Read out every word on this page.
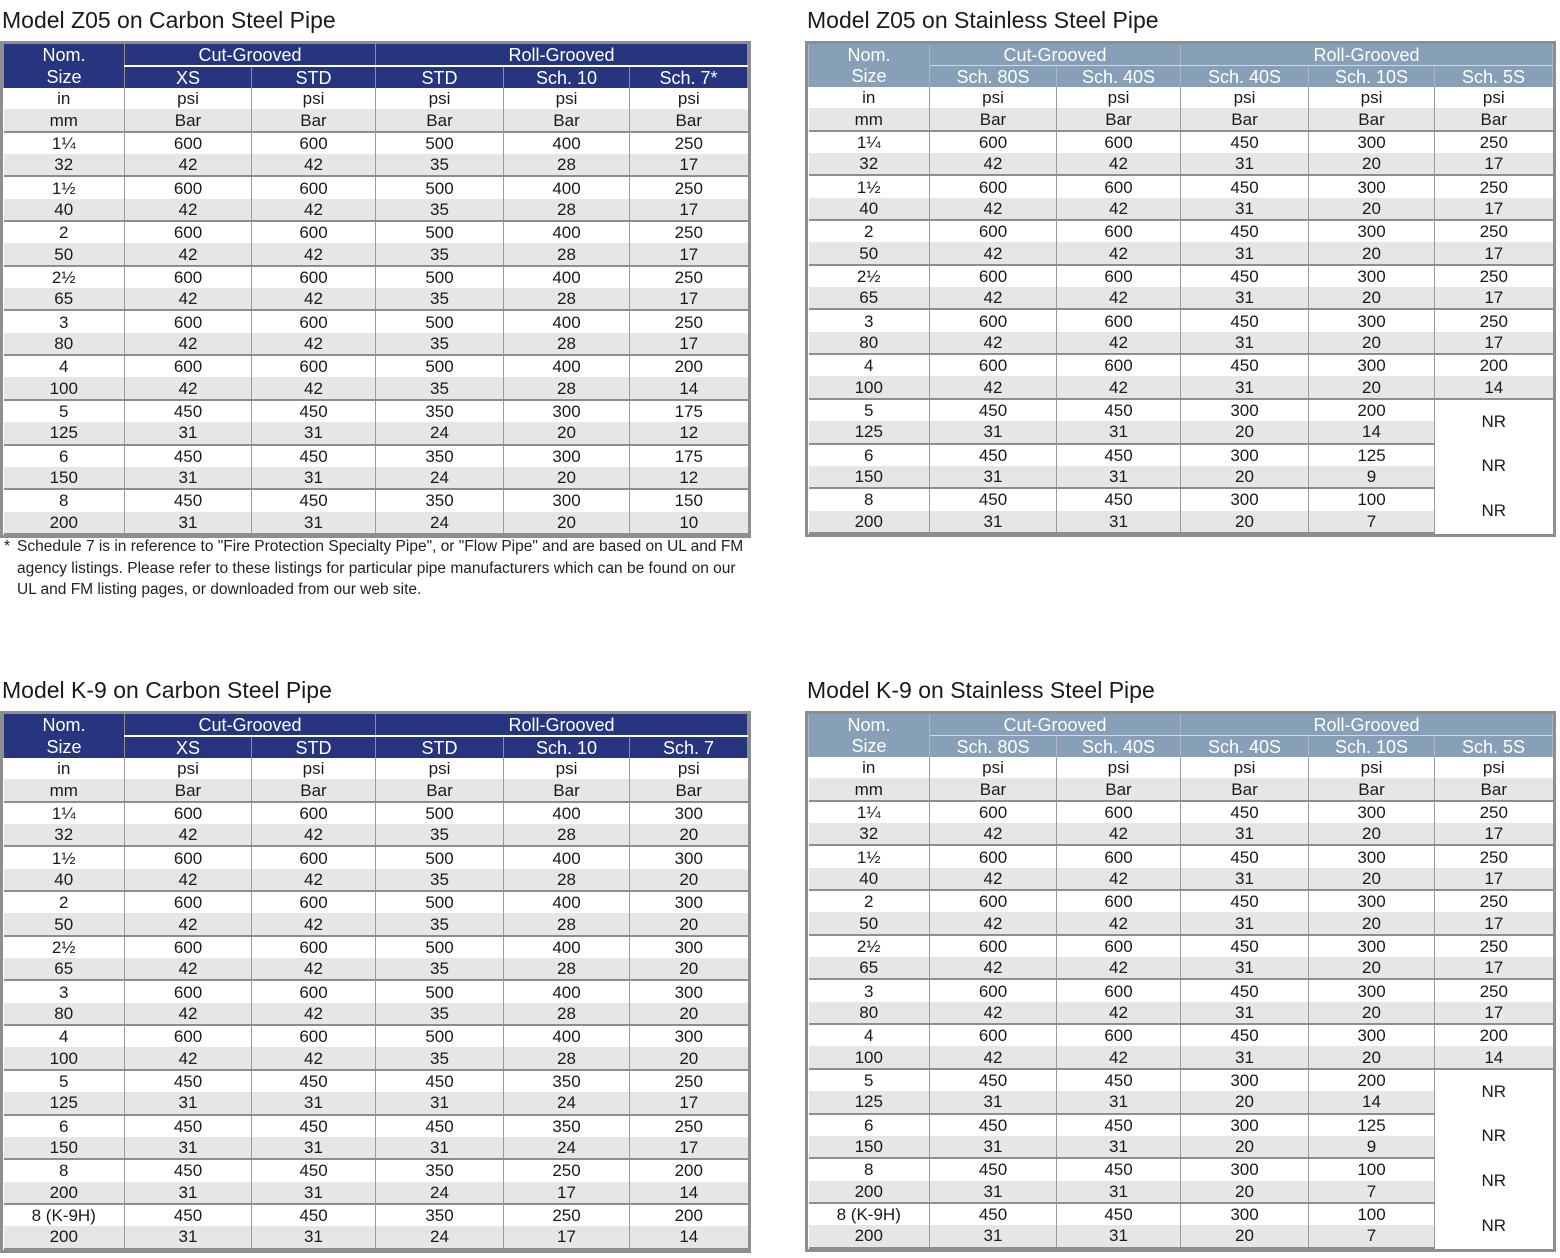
Model Z05 on Carbon Steel Pipe
Nom.	Cut-Grooved		Roll-Grooved		
Size	XS	STD	STD	Sch. 10	Sch. 7*
in	psi	psi	psi	psi	psi
mm	Bar	Bar	Bar	Bar	Bar
1¼	600	600	500	400	250
32	42	42	35	28	17
1½	600	600	500	400	250
40	42	42	35	28	17
2	600	600	500	400	250
50	42	42	35	28	17
2½	600	600	500	400	250
65	42	42	35	28	17
3	600	600	500	400	250
80	42	42	35	28	17
4	600	600	500	400	200
100	42	42	35	28	14
5	450	450	350	300	175
125	31	31	24	20	12
6	450	450	350	300	175
150	31	31	24	20	12
8	450	450	350	300	150
200	31	31	24	20	10
Model Z05 on Stainless Steel Pipe
Nom.	Cut-Grooved		Roll-Grooved		
Size	Sch. 80S	Sch. 40S	Sch. 40S	Sch. 10S	Sch. 5S
in	psi	psi	psi	psi	psi
mm	Bar	Bar	Bar	Bar	Bar
1¼	600	600	450	300	250
32	42	42	31	20	17
1½	600	600	450	300	250
40	42	42	31	20	17
2	600	600	450	300	250
50	42	42	31	20	17
2½	600	600	450	300	250
65	42	42	31	20	17
3	600	600	450	300	250
80	42	42	31	20	17
4	600	600	450	300	200
100	42	42	31	20	14
5	450	450	300	200	NR
125	31	31	20	14	
6	450	450	300	125	NR
150	31	31	20	9	
8	450	450	300	100	NR
200	31	31	20	7	
* Schedule 7 is in reference to "Fire Protection Specialty Pipe", or "Flow Pipe" and are based on UL and FM agency listings. Please refer to these listings for particular pipe manufacturers which can be found on our UL and FM listing pages, or downloaded from our web site.
Model K-9 on Carbon Steel Pipe
Nom.	Cut-Grooved		Roll-Grooved		
Size	XS	STD	STD	Sch. 10	Sch. 7
in	psi	psi	psi	psi	psi
mm	Bar	Bar	Bar	Bar	Bar
1¼	600	600	500	400	300
32	42	42	35	28	20
1½	600	600	500	400	300
40	42	42	35	28	20
2	600	600	500	400	300
50	42	42	35	28	20
2½	600	600	500	400	300
65	42	42	35	28	20
3	600	600	500	400	300
80	42	42	35	28	20
4	600	600	500	400	300
100	42	42	35	28	20
5	450	450	450	350	250
125	31	31	31	24	17
6	450	450	450	350	250
150	31	31	31	24	17
8	450	450	350	250	200
200	31	31	24	17	14
8 (K-9H)	450	450	350	250	200
200	31	31	24	17	14
Model K-9 on Stainless Steel Pipe
Nom.	Cut-Grooved		Roll-Grooved		
Size	Sch. 80S	Sch. 40S	Sch. 40S	Sch. 10S	Sch. 5S
in	psi	psi	psi	psi	psi
mm	Bar	Bar	Bar	Bar	Bar
1¼	600	600	450	300	250
32	42	42	31	20	17
1½	600	600	450	300	250
40	42	42	31	20	17
2	600	600	450	300	250
50	42	42	31	20	17
2½	600	600	450	300	250
65	42	42	31	20	17
3	600	600	450	300	250
80	42	42	31	20	17
4	600	600	450	300	200
100	42	42	31	20	14
5	450	450	300	200	NR
125	31	31	20	14	
6	450	450	300	125	NR
150	31	31	20	9	
8	450	450	300	100	NR
200	31	31	20	7	
8 (K-9H)	450	450	300	100	NR
200	31	31	20	7	
